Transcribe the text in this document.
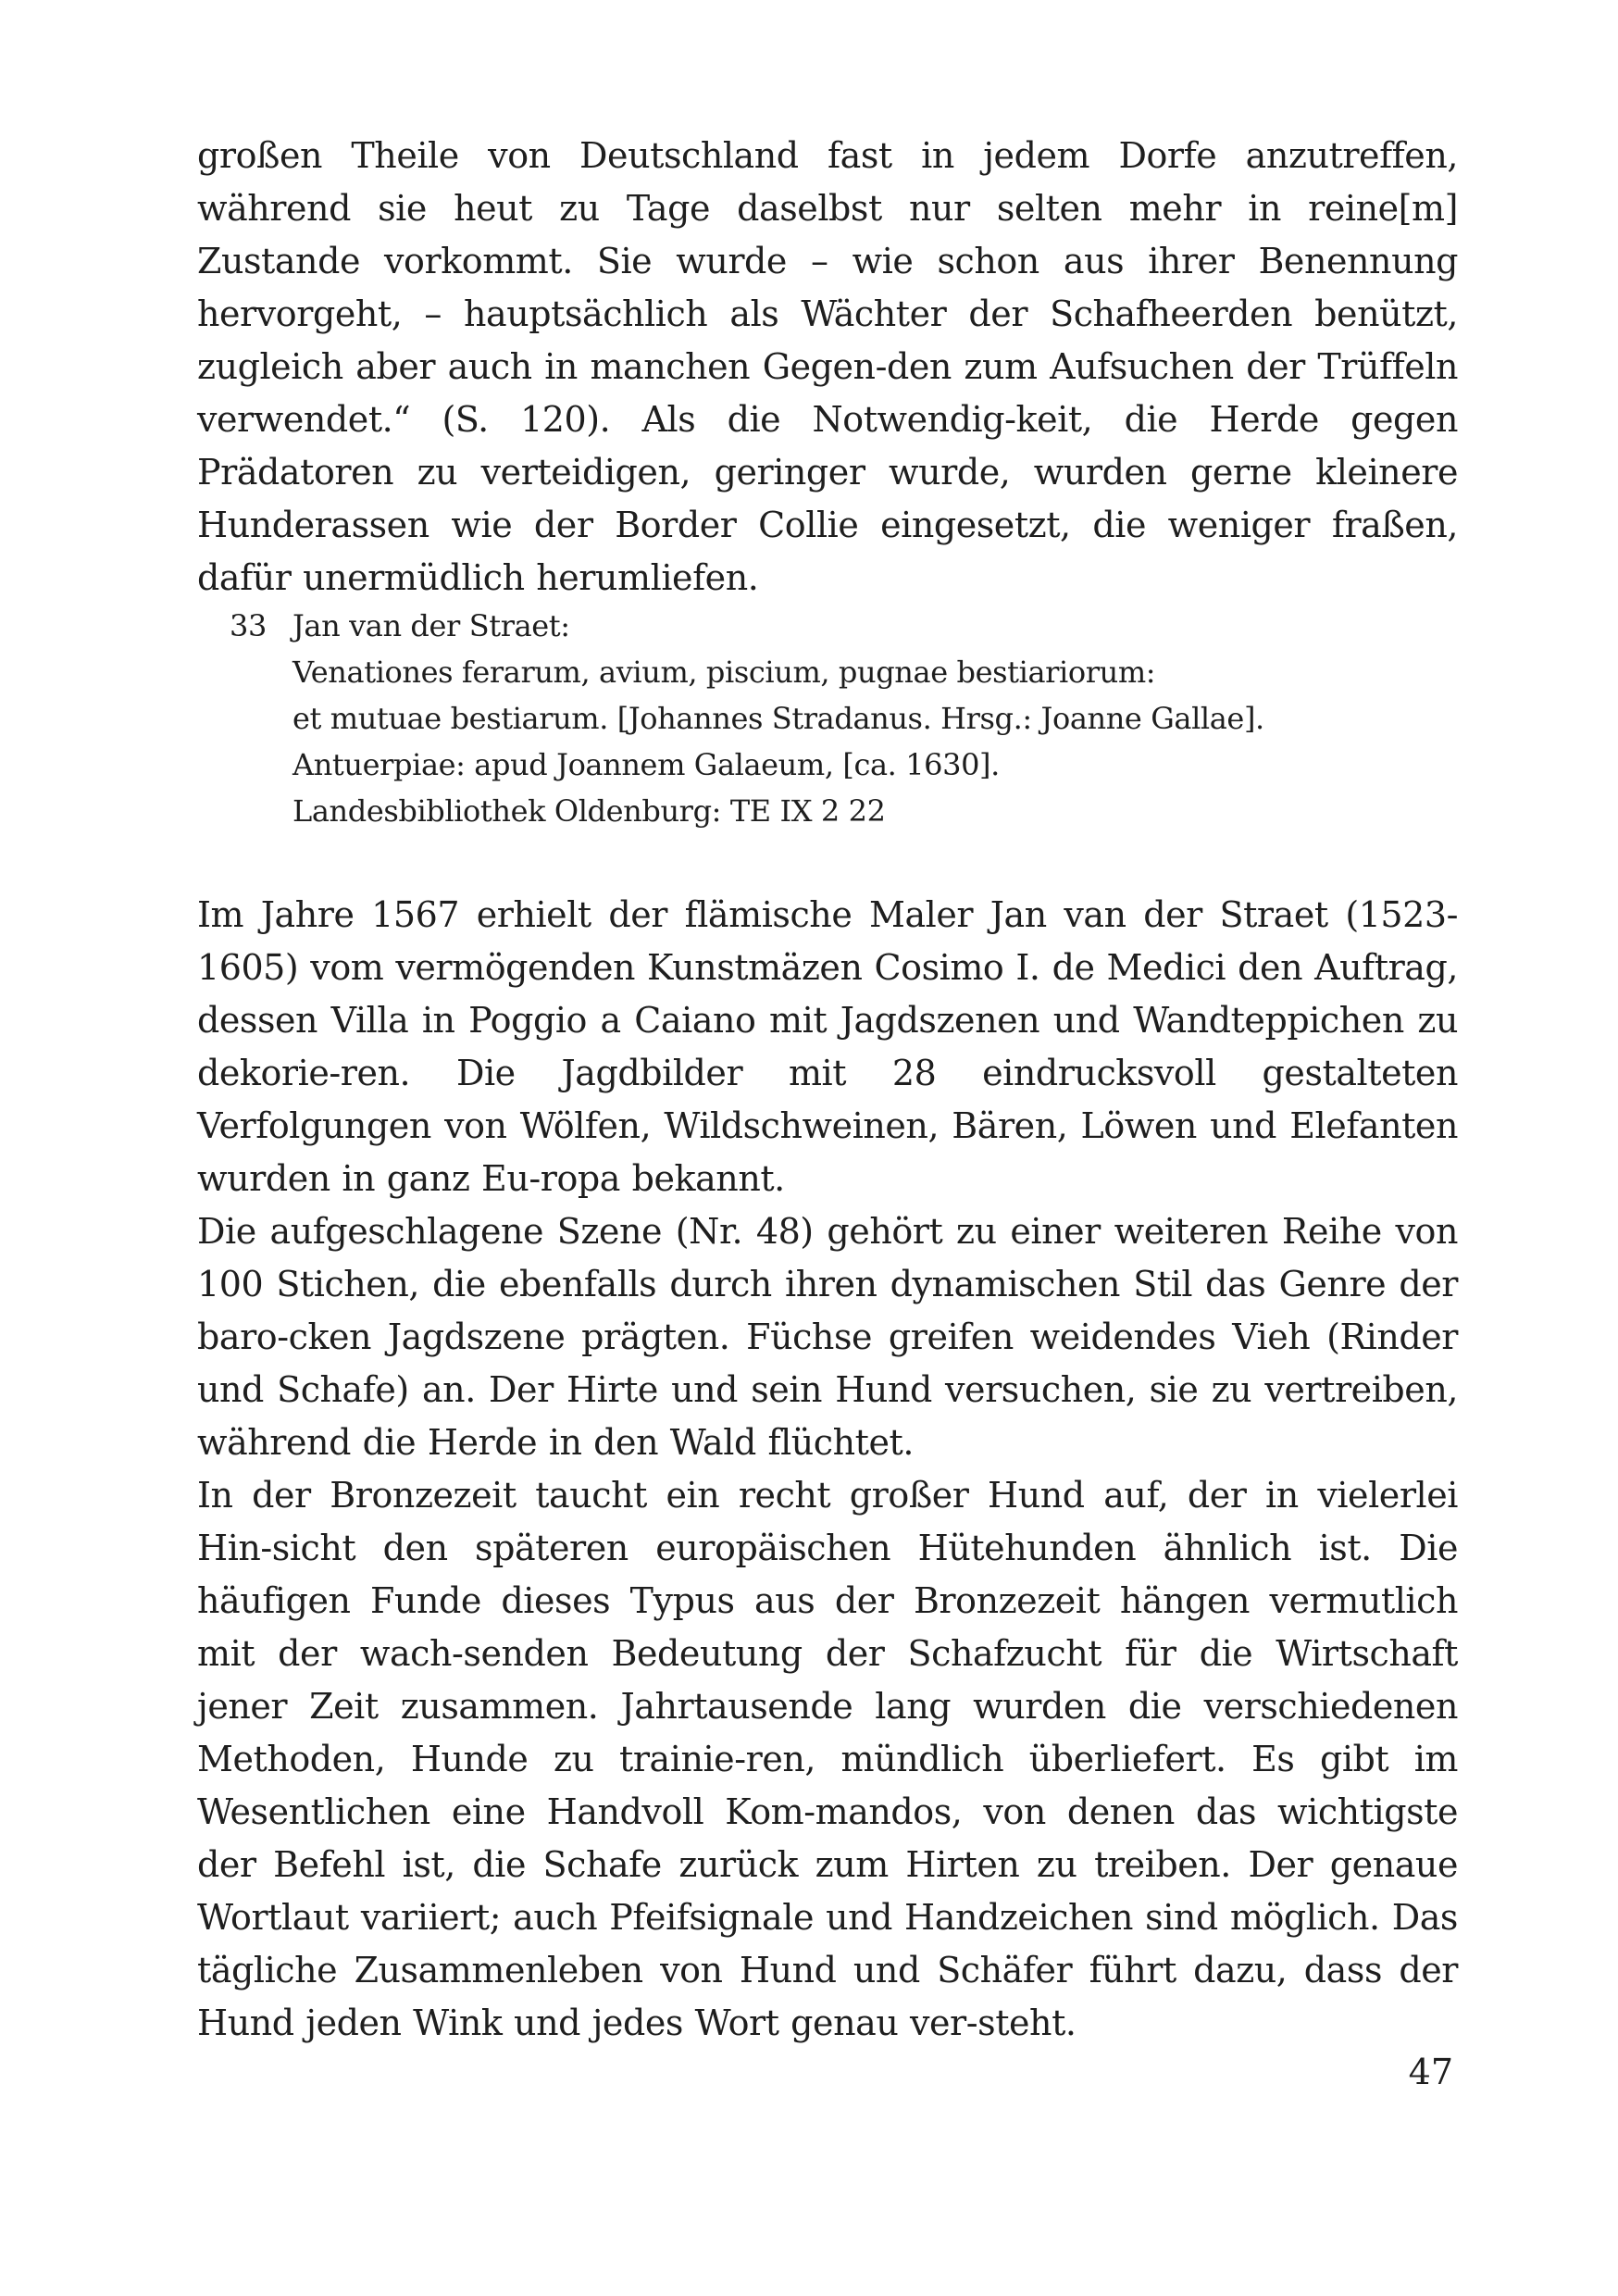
großen Theile von Deutschland fast in jedem Dorfe anzutreffen, während sie heut zu Tage daselbst nur selten mehr in reine[m] Zustande vorkommt. Sie wurde – wie schon aus ihrer Benennung hervorgeht, – hauptsächlich als Wächter der Schafheerden benützt, zugleich aber auch in manchen Gegen-den zum Aufsuchen der Trüffeln verwendet.“ (S. 120). Als die Notwendig-keit, die Herde gegen Prädatoren zu verteidigen, geringer wurde, wurden gerne kleinere Hunderassen wie der Border Collie eingesetzt, die weniger fraßen, dafür unermüdlich herumliefen.

33 Jan van der Straet:
Venationes ferarum, avium, piscium, pugnae bestiariorum:
et mutuae bestiarum. [Johannes Stradanus. Hrsg.: Joanne Gallae].
Antuerpiae: apud Joannem Galaeum, [ca. 1630].
Landesbibliothek Oldenburg: TE IX 2 22

Im Jahre 1567 erhielt der flämische Maler Jan van der Straet (1523-1605) vom vermögenden Kunstmäzen Cosimo I. de Medici den Auftrag, dessen Villa in Poggio a Caiano mit Jagdszenen und Wandteppichen zu dekorie-ren. Die Jagdbilder mit 28 eindrucksvoll gestalteten Verfolgungen von Wölfen, Wildschweinen, Bären, Löwen und Elefanten wurden in ganz Eu-ropa bekannt.

Die aufgeschlagene Szene (Nr. 48) gehört zu einer weiteren Reihe von 100 Stichen, die ebenfalls durch ihren dynamischen Stil das Genre der baro-cken Jagdszene prägten. Füchse greifen weidendes Vieh (Rinder und Schafe) an. Der Hirte und sein Hund versuchen, sie zu vertreiben, während die Herde in den Wald flüchtet.

In der Bronzezeit taucht ein recht großer Hund auf, der in vielerlei Hin-sicht den späteren europäischen Hütehunden ähnlich ist. Die häufigen Funde dieses Typus aus der Bronzezeit hängen vermutlich mit der wach-senden Bedeutung der Schafzucht für die Wirtschaft jener Zeit zusammen. Jahrtausende lang wurden die verschiedenen Methoden, Hunde zu trainie-ren, mündlich überliefert. Es gibt im Wesentlichen eine Handvoll Kom-mandos, von denen das wichtigste der Befehl ist, die Schafe zurück zum Hirten zu treiben. Der genaue Wortlaut variiert; auch Pfeifsignale und Handzeichen sind möglich. Das tägliche Zusammenleben von Hund und Schäfer führt dazu, dass der Hund jeden Wink und jedes Wort genau ver-steht.

47
